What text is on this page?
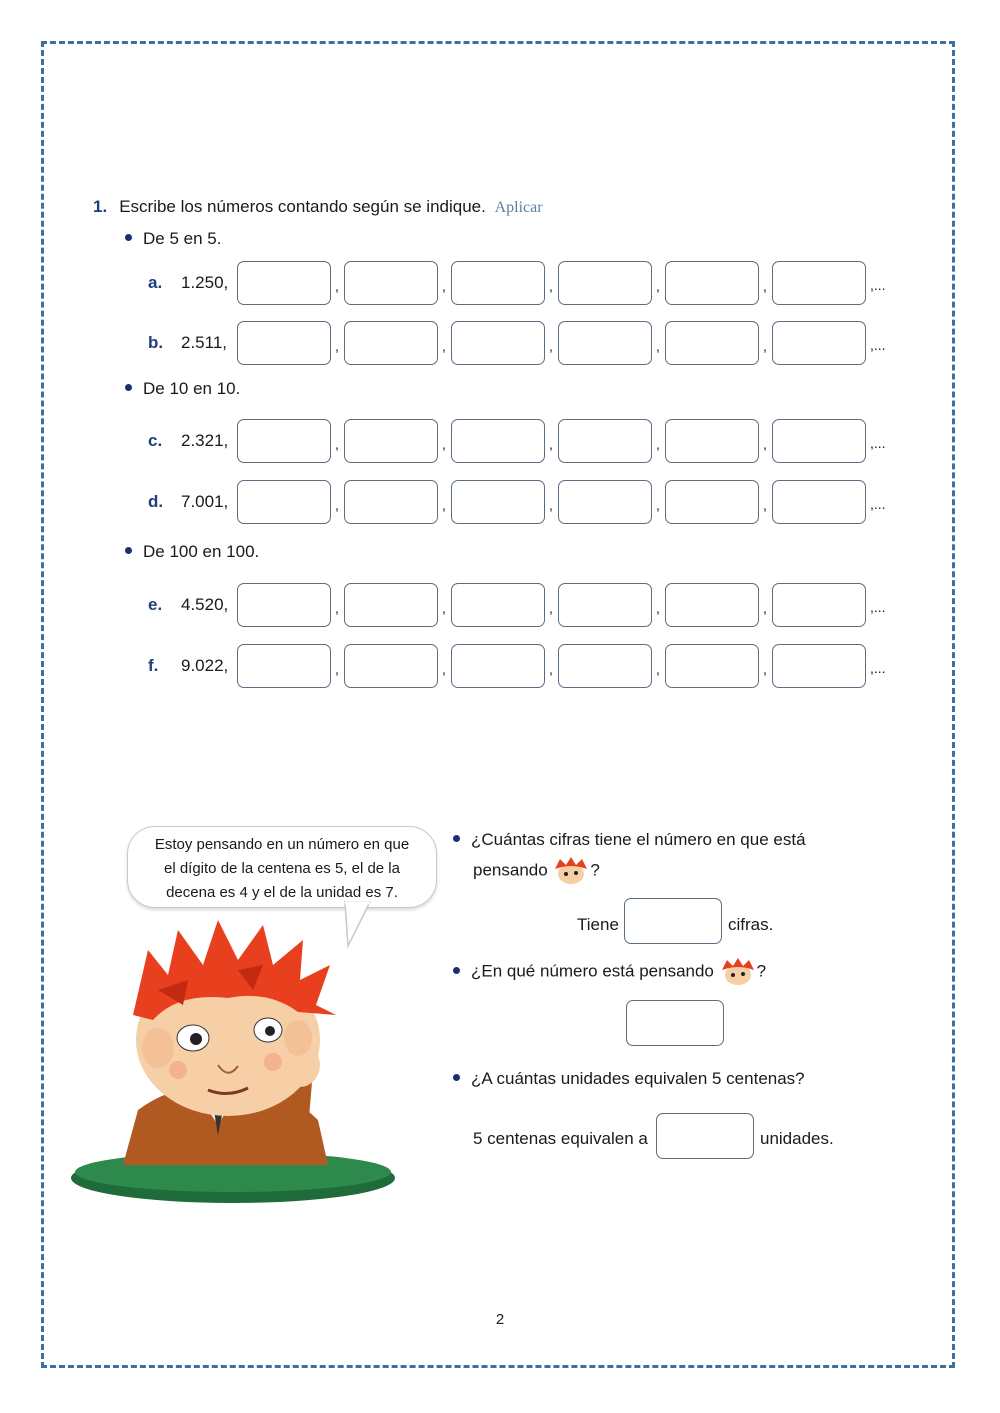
1. Escribe los números contando según se indique. Aplicar
De 5 en 5.
a. 1.250,	,	,	,	,	,	,...
b. 2.511,	,	,	,	,	,	,...
De 10 en 10.
c. 2.321,	,	,	,	,	,	,...
d. 7.001,	,	,	,	,	,	,...
De 100 en 100.
e. 4.520,	,	,	,	,	,	,...
f. 9.022,	,	,	,	,	,	,...
Estoy pensando en un número en que
el dígito de la centena es 5, el de la
decena es 4 y el de la unidad es 7.
¿Cuántas cifras tiene el número en que está
pensando	?
Tiene	cifras.
¿En qué número está pensando	?
¿A cuántas unidades equivalen 5 centenas?
5 centenas equivalen a	unidades.
2
